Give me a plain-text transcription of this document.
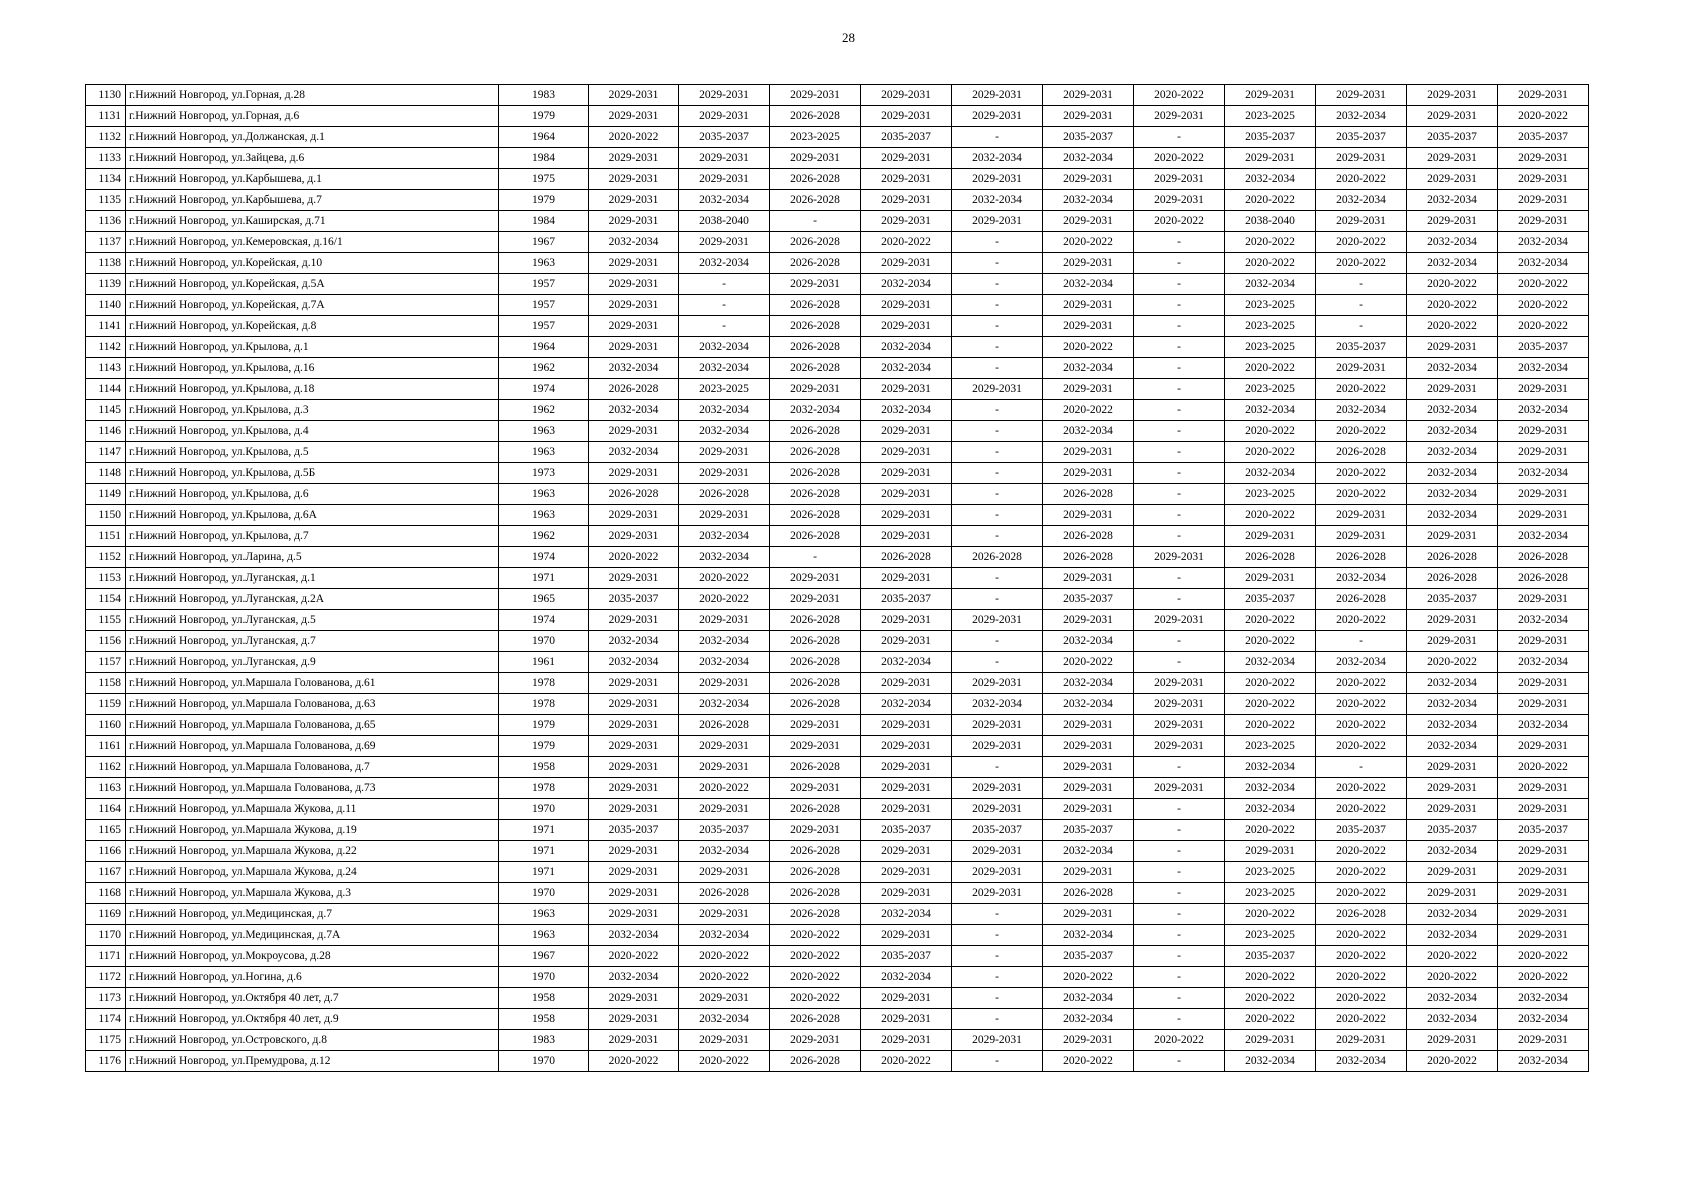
28
1130	г.Нижний Новгород, ул.Горная, д.28	1983	2029-2031	2029-2031	2029-2031	2029-2031	2029-2031	2029-2031	2020-2022	2029-2031	2029-2031	2029-2031	2029-2031
1131	г.Нижний Новгород, ул.Горная, д.6	1979	2029-2031	2029-2031	2026-2028	2029-2031	2029-2031	2029-2031	2029-2031	2023-2025	2032-2034	2029-2031	2020-2022
1132	г.Нижний Новгород, ул.Должанская, д.1	1964	2020-2022	2035-2037	2023-2025	2035-2037	-	2035-2037	-	2035-2037	2035-2037	2035-2037	2035-2037
1133	г.Нижний Новгород, ул.Зайцева, д.6	1984	2029-2031	2029-2031	2029-2031	2029-2031	2032-2034	2032-2034	2020-2022	2029-2031	2029-2031	2029-2031	2029-2031
1134	г.Нижний Новгород, ул.Карбышева, д.1	1975	2029-2031	2029-2031	2026-2028	2029-2031	2029-2031	2029-2031	2029-2031	2032-2034	2020-2022	2029-2031	2029-2031
1135	г.Нижний Новгород, ул.Карбышева, д.7	1979	2029-2031	2032-2034	2026-2028	2029-2031	2032-2034	2032-2034	2029-2031	2020-2022	2032-2034	2032-2034	2029-2031
1136	г.Нижний Новгород, ул.Каширская, д.71	1984	2029-2031	2038-2040	-	2029-2031	2029-2031	2029-2031	2020-2022	2038-2040	2029-2031	2029-2031	2029-2031
1137	г.Нижний Новгород, ул.Кемеровская, д.16/1	1967	2032-2034	2029-2031	2026-2028	2020-2022	-	2020-2022	-	2020-2022	2020-2022	2032-2034	2032-2034
1138	г.Нижний Новгород, ул.Корейская, д.10	1963	2029-2031	2032-2034	2026-2028	2029-2031	-	2029-2031	-	2020-2022	2020-2022	2032-2034	2032-2034
1139	г.Нижний Новгород, ул.Корейская, д.5А	1957	2029-2031	-	2029-2031	2032-2034	-	2032-2034	-	2032-2034	-	2020-2022	2020-2022
1140	г.Нижний Новгород, ул.Корейская, д.7А	1957	2029-2031	-	2026-2028	2029-2031	-	2029-2031	-	2023-2025	-	2020-2022	2020-2022
1141	г.Нижний Новгород, ул.Корейская, д.8	1957	2029-2031	-	2026-2028	2029-2031	-	2029-2031	-	2023-2025	-	2020-2022	2020-2022
1142	г.Нижний Новгород, ул.Крылова, д.1	1964	2029-2031	2032-2034	2026-2028	2032-2034	-	2020-2022	-	2023-2025	2035-2037	2029-2031	2035-2037
1143	г.Нижний Новгород, ул.Крылова, д.16	1962	2032-2034	2032-2034	2026-2028	2032-2034	-	2032-2034	-	2020-2022	2029-2031	2032-2034	2032-2034
1144	г.Нижний Новгород, ул.Крылова, д.18	1974	2026-2028	2023-2025	2029-2031	2029-2031	2029-2031	2029-2031	-	2023-2025	2020-2022	2029-2031	2029-2031
1145	г.Нижний Новгород, ул.Крылова, д.3	1962	2032-2034	2032-2034	2032-2034	2032-2034	-	2020-2022	-	2032-2034	2032-2034	2032-2034	2032-2034
1146	г.Нижний Новгород, ул.Крылова, д.4	1963	2029-2031	2032-2034	2026-2028	2029-2031	-	2032-2034	-	2020-2022	2020-2022	2032-2034	2029-2031
1147	г.Нижний Новгород, ул.Крылова, д.5	1963	2032-2034	2029-2031	2026-2028	2029-2031	-	2029-2031	-	2020-2022	2026-2028	2032-2034	2029-2031
1148	г.Нижний Новгород, ул.Крылова, д.5Б	1973	2029-2031	2029-2031	2026-2028	2029-2031	-	2029-2031	-	2032-2034	2020-2022	2032-2034	2032-2034
1149	г.Нижний Новгород, ул.Крылова, д.6	1963	2026-2028	2026-2028	2026-2028	2029-2031	-	2026-2028	-	2023-2025	2020-2022	2032-2034	2029-2031
1150	г.Нижний Новгород, ул.Крылова, д.6А	1963	2029-2031	2029-2031	2026-2028	2029-2031	-	2029-2031	-	2020-2022	2029-2031	2032-2034	2029-2031
1151	г.Нижний Новгород, ул.Крылова, д.7	1962	2029-2031	2032-2034	2026-2028	2029-2031	-	2026-2028	-	2029-2031	2029-2031	2029-2031	2032-2034
1152	г.Нижний Новгород, ул.Ларина, д.5	1974	2020-2022	2032-2034	-	2026-2028	2026-2028	2026-2028	2029-2031	2026-2028	2026-2028	2026-2028	2026-2028
1153	г.Нижний Новгород, ул.Луганская, д.1	1971	2029-2031	2020-2022	2029-2031	2029-2031	-	2029-2031	-	2029-2031	2032-2034	2026-2028	2026-2028
1154	г.Нижний Новгород, ул.Луганская, д.2А	1965	2035-2037	2020-2022	2029-2031	2035-2037	-	2035-2037	-	2035-2037	2026-2028	2035-2037	2029-2031
1155	г.Нижний Новгород, ул.Луганская, д.5	1974	2029-2031	2029-2031	2026-2028	2029-2031	2029-2031	2029-2031	2029-2031	2020-2022	2020-2022	2029-2031	2032-2034
1156	г.Нижний Новгород, ул.Луганская, д.7	1970	2032-2034	2032-2034	2026-2028	2029-2031	-	2032-2034	-	2020-2022	-	2029-2031	2029-2031
1157	г.Нижний Новгород, ул.Луганская, д.9	1961	2032-2034	2032-2034	2026-2028	2032-2034	-	2020-2022	-	2032-2034	2032-2034	2020-2022	2032-2034
1158	г.Нижний Новгород, ул.Маршала Голованова, д.61	1978	2029-2031	2029-2031	2026-2028	2029-2031	2029-2031	2032-2034	2029-2031	2020-2022	2020-2022	2032-2034	2029-2031
1159	г.Нижний Новгород, ул.Маршала Голованова, д.63	1978	2029-2031	2032-2034	2026-2028	2032-2034	2032-2034	2032-2034	2029-2031	2020-2022	2020-2022	2032-2034	2029-2031
1160	г.Нижний Новгород, ул.Маршала Голованова, д.65	1979	2029-2031	2026-2028	2029-2031	2029-2031	2029-2031	2029-2031	2029-2031	2020-2022	2020-2022	2032-2034	2032-2034
1161	г.Нижний Новгород, ул.Маршала Голованова, д.69	1979	2029-2031	2029-2031	2029-2031	2029-2031	2029-2031	2029-2031	2029-2031	2023-2025	2020-2022	2032-2034	2029-2031
1162	г.Нижний Новгород, ул.Маршала Голованова, д.7	1958	2029-2031	2029-2031	2026-2028	2029-2031	-	2029-2031	-	2032-2034	-	2029-2031	2020-2022
1163	г.Нижний Новгород, ул.Маршала Голованова, д.73	1978	2029-2031	2020-2022	2029-2031	2029-2031	2029-2031	2029-2031	2029-2031	2032-2034	2020-2022	2029-2031	2029-2031
1164	г.Нижний Новгород, ул.Маршала Жукова, д.11	1970	2029-2031	2029-2031	2026-2028	2029-2031	2029-2031	2029-2031	-	2032-2034	2020-2022	2029-2031	2029-2031
1165	г.Нижний Новгород, ул.Маршала Жукова, д.19	1971	2035-2037	2035-2037	2029-2031	2035-2037	2035-2037	2035-2037	-	2020-2022	2035-2037	2035-2037	2035-2037
1166	г.Нижний Новгород, ул.Маршала Жукова, д.22	1971	2029-2031	2032-2034	2026-2028	2029-2031	2029-2031	2032-2034	-	2029-2031	2020-2022	2032-2034	2029-2031
1167	г.Нижний Новгород, ул.Маршала Жукова, д.24	1971	2029-2031	2029-2031	2026-2028	2029-2031	2029-2031	2029-2031	-	2023-2025	2020-2022	2029-2031	2029-2031
1168	г.Нижний Новгород, ул.Маршала Жукова, д.3	1970	2029-2031	2026-2028	2026-2028	2029-2031	2029-2031	2026-2028	-	2023-2025	2020-2022	2029-2031	2029-2031
1169	г.Нижний Новгород, ул.Медицинская, д.7	1963	2029-2031	2029-2031	2026-2028	2032-2034	-	2029-2031	-	2020-2022	2026-2028	2032-2034	2029-2031
1170	г.Нижний Новгород, ул.Медицинская, д.7А	1963	2032-2034	2032-2034	2020-2022	2029-2031	-	2032-2034	-	2023-2025	2020-2022	2032-2034	2029-2031
1171	г.Нижний Новгород, ул.Мокроусова, д.28	1967	2020-2022	2020-2022	2020-2022	2035-2037	-	2035-2037	-	2035-2037	2020-2022	2020-2022	2020-2022
1172	г.Нижний Новгород, ул.Ногина, д.6	1970	2032-2034	2020-2022	2020-2022	2032-2034	-	2020-2022	-	2020-2022	2020-2022	2020-2022	2020-2022
1173	г.Нижний Новгород, ул.Октября 40 лет, д.7	1958	2029-2031	2029-2031	2020-2022	2029-2031	-	2032-2034	-	2020-2022	2020-2022	2032-2034	2032-2034
1174	г.Нижний Новгород, ул.Октября 40 лет, д.9	1958	2029-2031	2032-2034	2026-2028	2029-2031	-	2032-2034	-	2020-2022	2020-2022	2032-2034	2032-2034
1175	г.Нижний Новгород, ул.Островского, д.8	1983	2029-2031	2029-2031	2029-2031	2029-2031	2029-2031	2029-2031	2020-2022	2029-2031	2029-2031	2029-2031	2029-2031
1176	г.Нижний Новгород, ул.Премудрова, д.12	1970	2020-2022	2020-2022	2026-2028	2020-2022	-	2020-2022	-	2032-2034	2032-2034	2020-2022	2032-2034
